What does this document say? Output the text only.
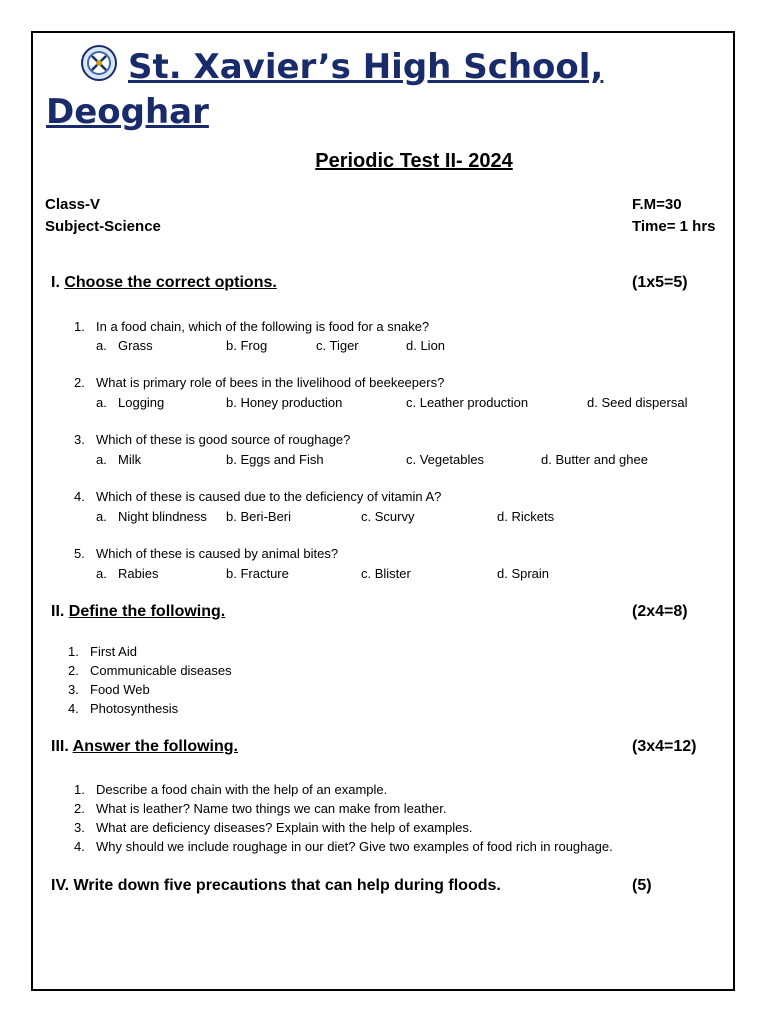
St. Xavier’s High School, Deoghar
Periodic Test II- 2024
Class-V
Subject-Science
F.M=30
Time= 1 hrs
I. Choose the correct options.	(1x5=5)
1. In a food chain, which of the following is food for a snake?
a. Grass	b. Frog	c. Tiger	d. Lion
2. What is primary role of bees in the livelihood of beekeepers?
a. Logging	b. Honey production	c. Leather production	d. Seed dispersal
3. Which of these is good source of roughage?
a. Milk	b. Eggs and Fish	c. Vegetables	d. Butter and ghee
4. Which of these is caused due to the deficiency of vitamin A?
a. Night blindness b. Beri-Beri	c. Scurvy	d. Rickets
5. Which of these is caused by animal bites?
a. Rabies	b. Fracture	c. Blister	d. Sprain
II. Define the following.	(2x4=8)
1. First Aid
2. Communicable diseases
3. Food Web
4. Photosynthesis
III. Answer the following.	(3x4=12)
1. Describe a food chain with the help of an example.
2. What is leather? Name two things we can make from leather.
3. What are deficiency diseases? Explain with the help of examples.
4. Why should we include roughage in our diet? Give two examples of food rich in roughage.
IV. Write down five precautions that can help during floods.	(5)
